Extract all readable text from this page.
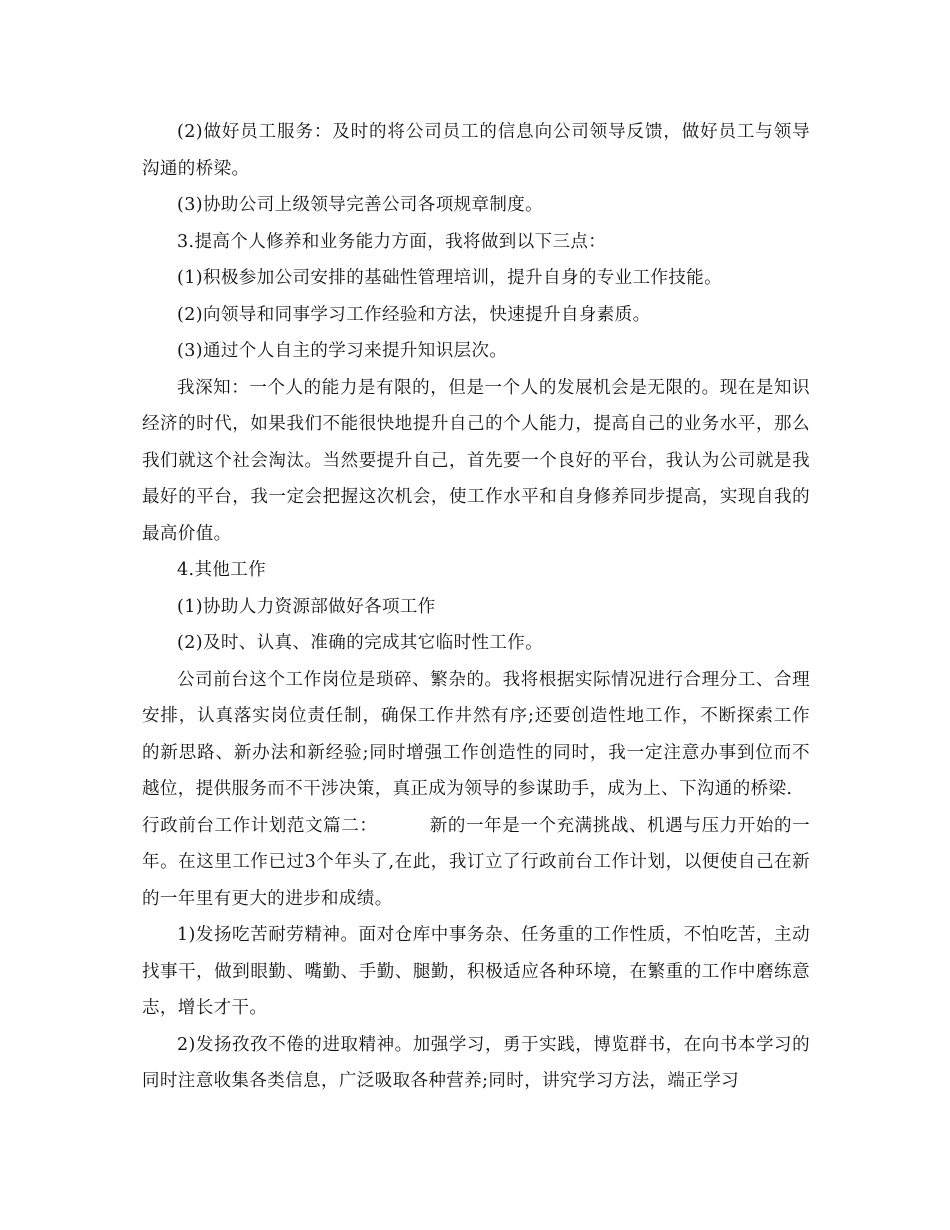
(2)做好员工服务：及时的将公司员工的信息向公司领导反馈，做好员工与领导沟通的桥梁。

(3)协助公司上级领导完善公司各项规章制度。

3.提高个人修养和业务能力方面，我将做到以下三点：

(1)积极参加公司安排的基础性管理培训，提升自身的专业工作技能。

(2)向领导和同事学习工作经验和方法，快速提升自身素质。

(3)通过个人自主的学习来提升知识层次。

我深知：一个人的能力是有限的，但是一个人的发展机会是无限的。现在是知识经济的时代，如果我们不能很快地提升自己的个人能力，提高自己的业务水平，那么我们就这个社会淘汰。当然要提升自己，首先要一个良好的平台，我认为公司就是我最好的平台，我一定会把握这次机会，使工作水平和自身修养同步提高，实现自我的最高价值。

4.其他工作

(1)协助人力资源部做好各项工作

(2)及时、认真、准确的完成其它临时性工作。

公司前台这个工作岗位是琐碎、繁杂的。我将根据实际情况进行合理分工、合理安排，认真落实岗位责任制，确保工作井然有序;还要创造性地工作，不断探索工作的新思路、新办法和新经验;同时增强工作创造性的同时，我一定注意办事到位而不越位，提供服务而不干涉决策，真正成为领导的参谋助手，成为上、下沟通的桥梁.

行政前台工作计划范文篇二：	新的一年是一个充满挑战、机遇与压力开始的一年。在这里工作已过3个年头了,在此，我订立了行政前台工作计划，以便使自己在新的一年里有更大的进步和成绩。

1)发扬吃苦耐劳精神。面对仓库中事务杂、任务重的工作性质，不怕吃苦，主动找事干，做到眼勤、嘴勤、手勤、腿勤，积极适应各种环境，在繁重的工作中磨练意志，增长才干。

2)发扬孜孜不倦的进取精神。加强学习，勇于实践，博览群书，在向书本学习的同时注意收集各类信息，广泛吸取各种营养;同时，讲究学习方法，端正学习
